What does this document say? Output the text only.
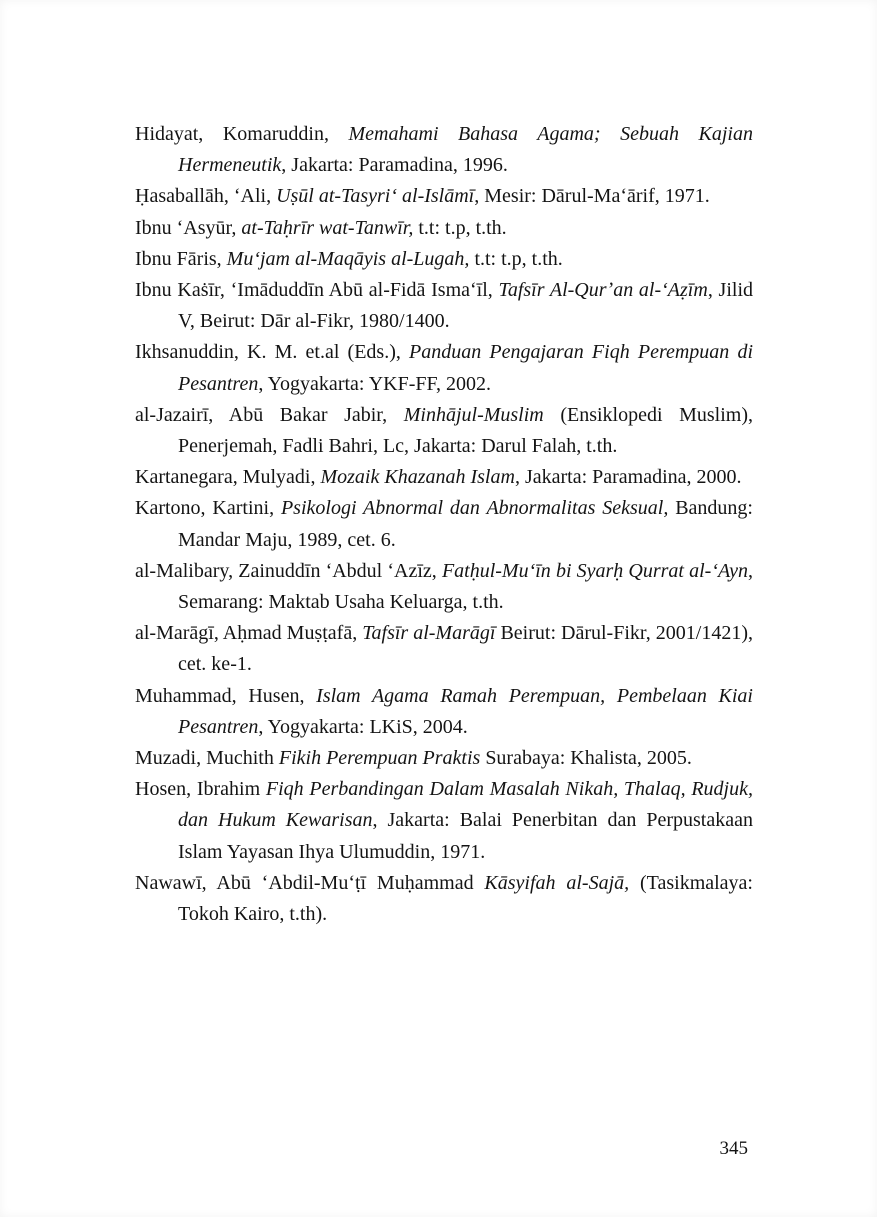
Hidayat, Komaruddin, Memahami Bahasa Agama; Sebuah Kajian Hermeneutik, Jakarta: Paramadina, 1996.

Ḥasaballāh, ʻAli, Uṣūl at-Tasyriʻ al-Islāmī, Mesir: Dārul-Maʻārif, 1971.

Ibnu ʻAsyūr, at-Taḥrīr wat-Tanwīr, t.t: t.p, t.th.

Ibnu Fāris, Muʻjam al-Maqāyis al-Lugah, t.t: t.p, t.th.

Ibnu Kaṡīr, ʻImāduddīn Abū al-Fidā Ismaʻīl, Tafsīr Al-Qurʼan al-ʻAẓīm, Jilid V, Beirut: Dār al-Fikr, 1980/1400.

Ikhsanuddin, K. M. et.al (Eds.), Panduan Pengajaran Fiqh Perempuan di Pesantren, Yogyakarta: YKF-FF, 2002.

al-Jazairī, Abū Bakar Jabir, Minhājul-Muslim (Ensiklopedi Muslim), Penerjemah, Fadli Bahri, Lc, Jakarta: Darul Falah, t.th.

Kartanegara, Mulyadi, Mozaik Khazanah Islam, Jakarta: Paramadina, 2000.

Kartono, Kartini, Psikologi Abnormal dan Abnormalitas Seksual, Bandung: Mandar Maju, 1989, cet. 6.

al-Malibary, Zainuddīn ʻAbdul ʻAzīz, Fatḥul-Muʻīn bi Syarḥ Qurrat al-ʻAyn, Semarang: Maktab Usaha Keluarga, t.th.

al-Marāgī, Aḥmad Muṣṭafā, Tafsīr al-Marāgī Beirut: Dārul-Fikr, 2001/1421), cet. ke-1.

Muhammad, Husen, Islam Agama Ramah Perempuan, Pembelaan Kiai Pesantren, Yogyakarta: LKiS, 2004.

Muzadi, Muchith Fikih Perempuan Praktis Surabaya: Khalista, 2005.

Hosen, Ibrahim Fiqh Perbandingan Dalam Masalah Nikah, Thalaq, Rudjuk, dan Hukum Kewarisan, Jakarta: Balai Penerbitan dan Perpustakaan Islam Yayasan Ihya Ulumuddin, 1971.

Nawawī, Abū ʻAbdil-Muʻṭī Muḥammad Kāsyifah al-Sajā, (Tasikmalaya: Tokoh Kairo, t.th).

345
